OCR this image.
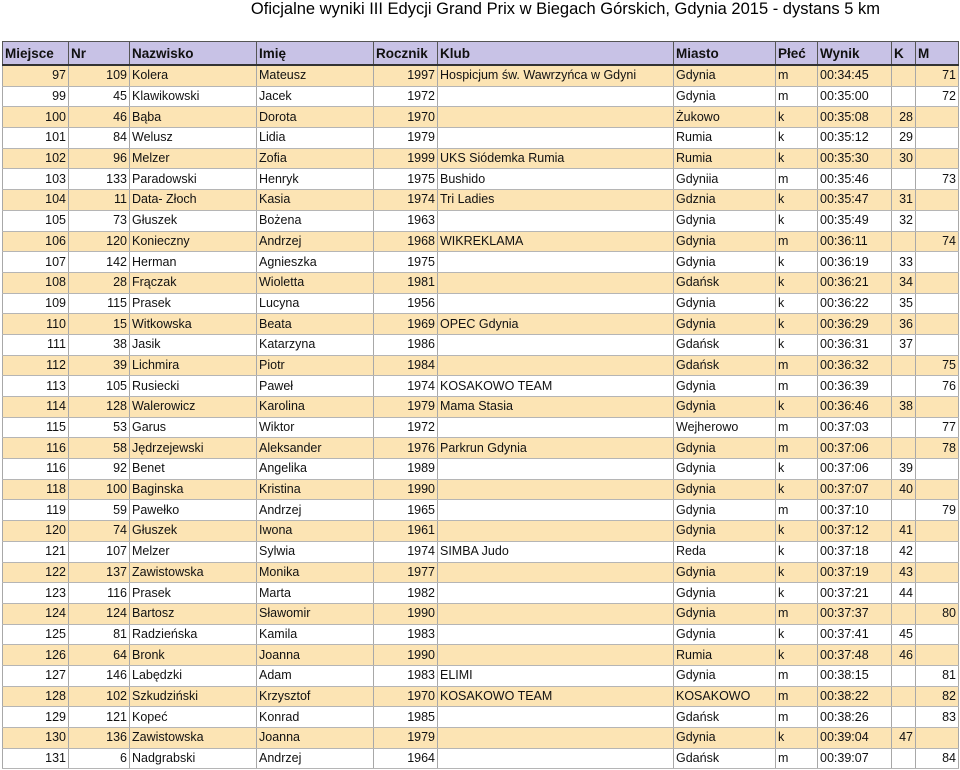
Oficjalne wyniki III Edycji Grand Prix w Biegach Górskich, Gdynia 2015 - dystans 5 km
Miejsce	Nr	Nazwisko	Imię	Rocznik	Klub	Miasto	Płeć	Wynik	K	M
97	109	Kolera	Mateusz	1997	Hospicjum św. Wawrzyńca w Gdyni	Gdynia	m	00:34:45		71
99	45	Klawikowski	Jacek	1972		Gdynia	m	00:35:00		72
100	46	Bąba	Dorota	1970		Żukowo	k	00:35:08	28	
101	84	Welusz	Lidia	1979		Rumia	k	00:35:12	29	
102	96	Melzer	Zofia	1999	UKS Siódemka Rumia	Rumia	k	00:35:30	30	
103	133	Paradowski	Henryk	1975	Bushido	Gdyniia	m	00:35:46		73
104	11	Data- Złoch	Kasia	1974	Tri Ladies	Gdznia	k	00:35:47	31	
105	73	Głuszek	Bożena	1963		Gdynia	k	00:35:49	32	
106	120	Konieczny	Andrzej	1968	WIKREKLAMA	Gdynia	m	00:36:11		74
107	142	Herman	Agnieszka	1975		Gdynia	k	00:36:19	33	
108	28	Frączak	Wioletta	1981		Gdańsk	k	00:36:21	34	
109	115	Prasek	Lucyna	1956		Gdynia	k	00:36:22	35	
110	15	Witkowska	Beata	1969	OPEC Gdynia	Gdynia	k	00:36:29	36	
111	38	Jasik	Katarzyna	1986		Gdańsk	k	00:36:31	37	
112	39	Lichmira	Piotr	1984		Gdańsk	m	00:36:32		75
113	105	Rusiecki	Paweł	1974	KOSAKOWO TEAM	Gdynia	m	00:36:39		76
114	128	Walerowicz	Karolina	1979	Mama Stasia	Gdynia	k	00:36:46	38	
115	53	Garus	Wiktor	1972		Wejherowo	m	00:37:03		77
116	58	Jędrzejewski	Aleksander	1976	Parkrun Gdynia	Gdynia	m	00:37:06		78
116	92	Benet	Angelika	1989		Gdynia	k	00:37:06	39	
118	100	Baginska	Kristina	1990		Gdynia	k	00:37:07	40	
119	59	Pawełko	Andrzej	1965		Gdynia	m	00:37:10		79
120	74	Głuszek	Iwona	1961		Gdynia	k	00:37:12	41	
121	107	Melzer	Sylwia	1974	SIMBA Judo	Reda	k	00:37:18	42	
122	137	Zawistowska	Monika	1977		Gdynia	k	00:37:19	43	
123	116	Prasek	Marta	1982		Gdynia	k	00:37:21	44	
124	124	Bartosz	Sławomir	1990		Gdynia	m	00:37:37		80
125	81	Radzieńska	Kamila	1983		Gdynia	k	00:37:41	45	
126	64	Bronk	Joanna	1990		Rumia	k	00:37:48	46	
127	146	Labędzki	Adam	1983	ELIMI	Gdynia	m	00:38:15		81
128	102	Szkudziński	Krzysztof	1970	KOSAKOWO TEAM	KOSAKOWO	m	00:38:22		82
129	121	Kopeć	Konrad	1985		Gdańsk	m	00:38:26		83
130	136	Zawistowska	Joanna	1979		Gdynia	k	00:39:04	47	
131	6	Nadgrabski	Andrzej	1964		Gdańsk	m	00:39:07		84
